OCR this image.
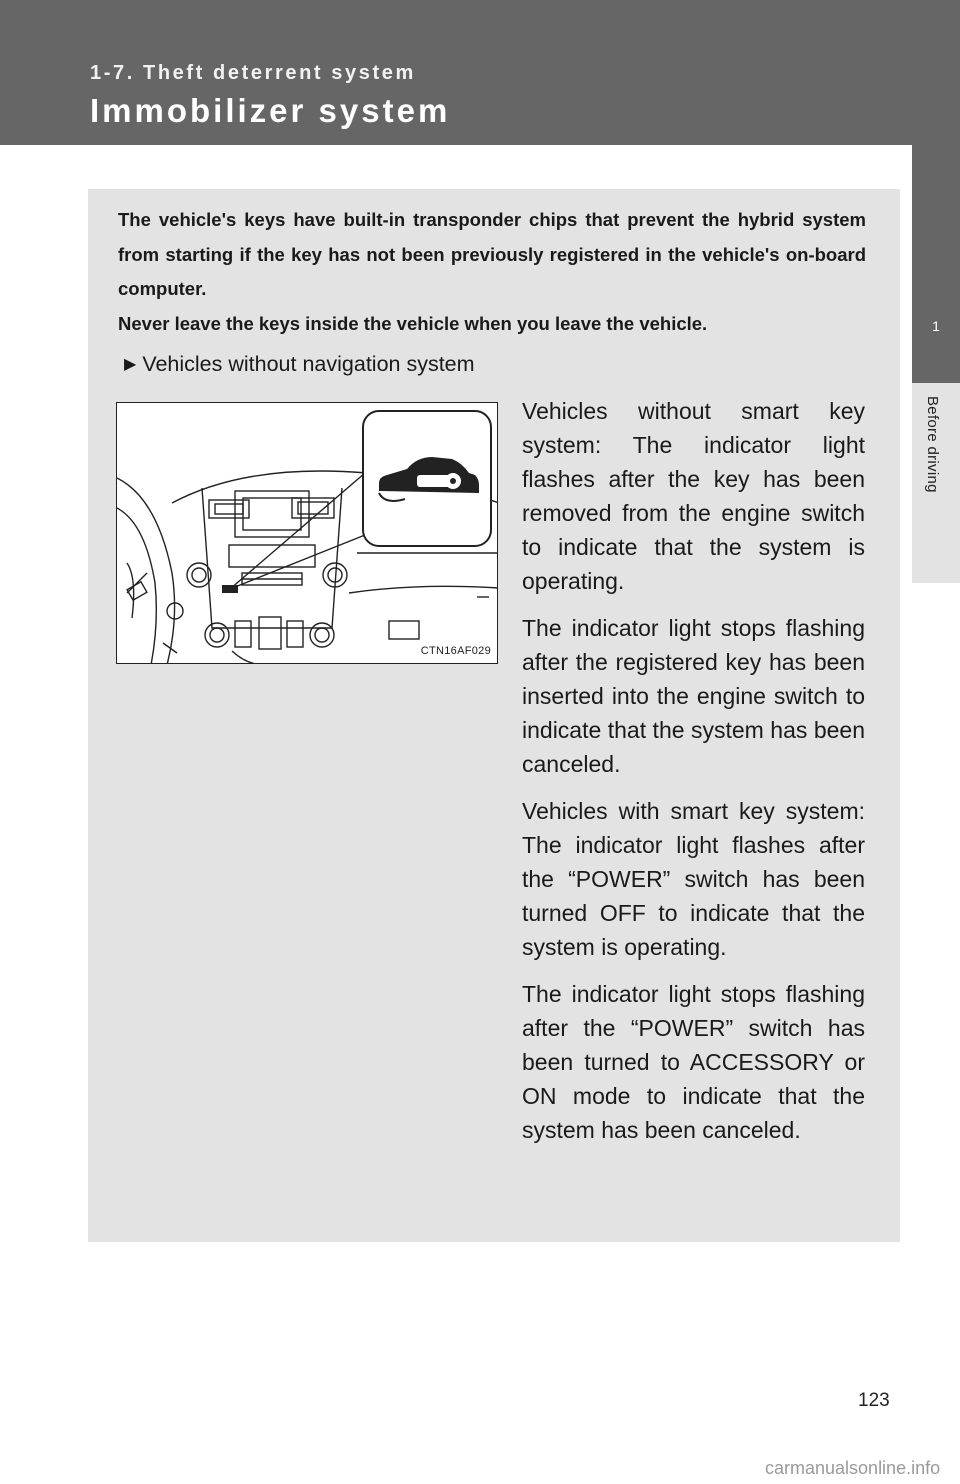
1-7. Theft deterrent system
Immobilizer system
1
Before driving

The vehicle's keys have built-in transponder chips that prevent the hybrid system from starting if the key has not been previously registered in the vehicle's on-board computer.

Never leave the keys inside the vehicle when you leave the vehicle.

▶ Vehicles without navigation system
CTN16AF029

Vehicles without smart key system: The indicator light flashes after the key has been removed from the engine switch to indicate that the system is operating.

The indicator light stops flashing after the registered key has been inserted into the engine switch to indicate that the system has been canceled.

Vehicles with smart key system: The indicator light flashes after the “POWER” switch has been turned OFF to indicate that the system is operating.

The indicator light stops flashing after the “POWER” switch has been turned to ACCESSORY or ON mode to indicate that the system has been canceled.

123
carmanualsonline.info
